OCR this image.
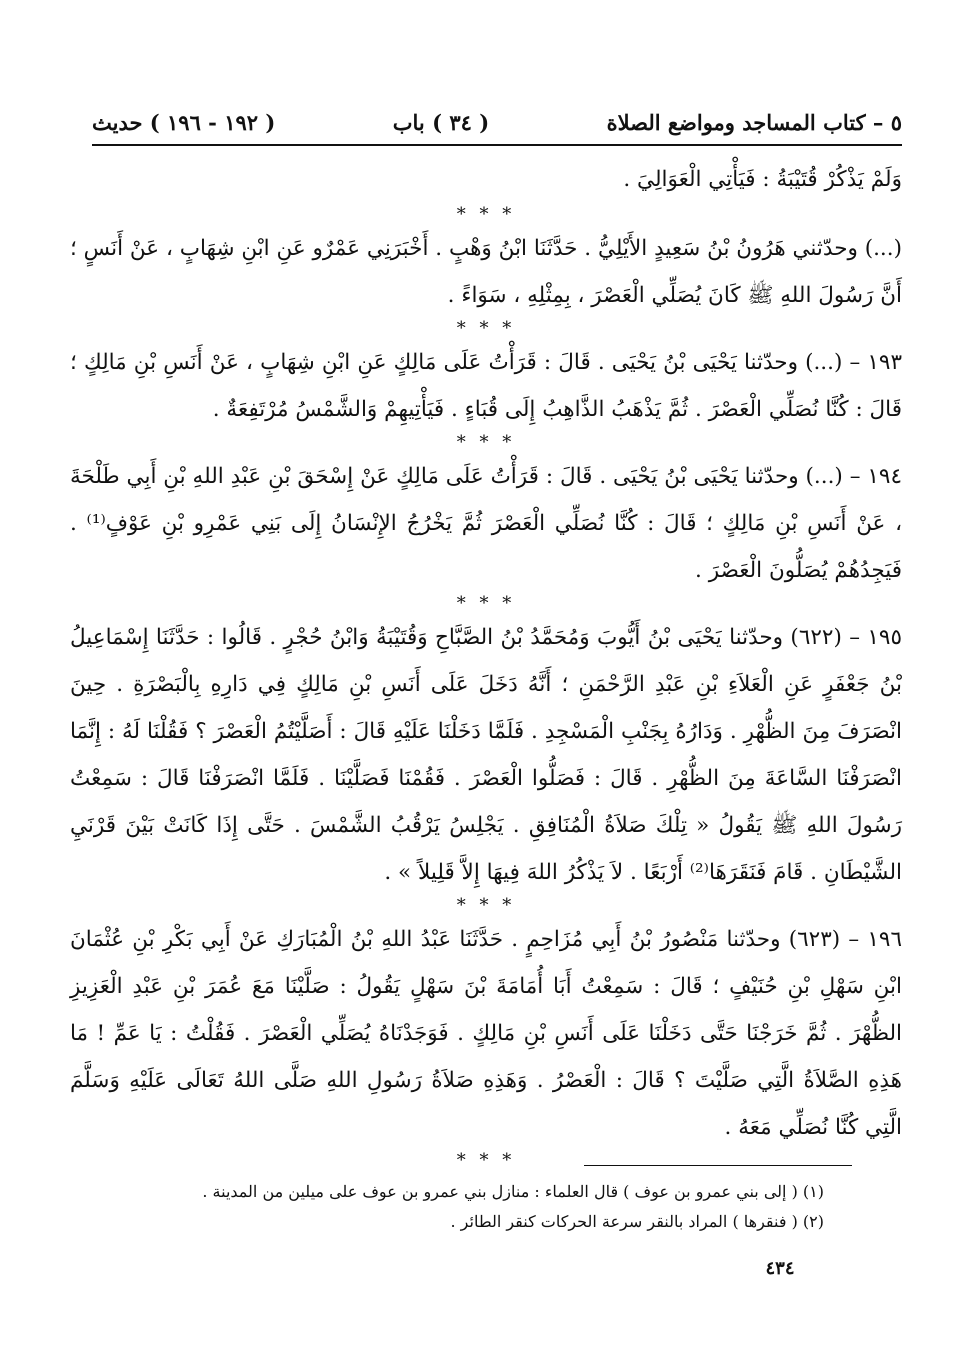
٥ – كتاب المساجد ومواضع الصلاة
( ٣٤ ) باب
( ١٩٢ - ١٩٦ ) حديث

وَلَمْ يَذْكُرْ قُتَيْبَةُ : فَيَأْتِي الْعَوَالِيَ .

* * *

(...) وحدّثني هَرُونُ بْنُ سَعِيدٍ الأَيْلِيُّ . حَدَّثَنَا ابْنُ وَهْبٍ . أَخْبَرَنِي عَمْرٌو عَنِ ابْنِ شِهَابٍ ، عَنْ أَنَسٍ ؛ أَنَّ رَسُولَ اللهِ ﷺ كَانَ يُصَلِّي الْعَصْرَ ، بِمِثْلِهِ ، سَوَاءً .

* * *

١٩٣ – (...) وحدّثنا يَحْيَى بْنُ يَحْيَى . قَالَ : قَرَأْتُ عَلَى مَالِكٍ عَنِ ابْنِ شِهَابٍ ، عَنْ أَنَسِ بْنِ مَالِكٍ ؛ قَالَ : كُنَّا نُصَلِّي الْعَصْرَ . ثُمَّ يَذْهَبُ الذَّاهِبُ إِلَى قُبَاءٍ . فَيَأْتِيهِمْ وَالشَّمْسُ مُرْتَفِعَةٌ .

* * *

١٩٤ – (...) وحدّثنا يَحْيَى بْنُ يَحْيَى . قَالَ : قَرَأْتُ عَلَى مَالِكٍ عَنْ إِسْحَقَ بْنِ عَبْدِ اللهِ بْنِ أَبِي طَلْحَةَ ، عَنْ أَنَسِ بْنِ مَالِكٍ ؛ قَالَ : كُنَّا نُصَلِّي الْعَصْرَ ثُمَّ يَخْرُجُ الإِنْسَانُ إِلَى بَنِي عَمْرِو بْنِ عَوْفٍ⁽¹⁾ . فَيَجِدُهُمْ يُصَلُّونَ الْعَصْرَ .

* * *

١٩٥ – (٦٢٢) وحدّثنا يَحْيَى بْنُ أَيُّوبَ وَمُحَمَّدُ بْنُ الصَّبَّاحِ وَقُتَيْبَةُ وَابْنُ حُجْرٍ . قَالُوا : حَدَّثَنَا إِسْمَاعِيلُ بْنُ جَعْفَرٍ عَنِ الْعَلاَءِ بْنِ عَبْدِ الرَّحْمَنِ ؛ أَنَّهُ دَخَلَ عَلَى أَنَسِ بْنِ مَالِكٍ فِي دَارِهِ بِالْبَصْرَةِ . حِينَ انْصَرَفَ مِنَ الظُّهْرِ . وَدَارُهُ بِجَنْبِ الْمَسْجِدِ . فَلَمَّا دَخَلْنَا عَلَيْهِ قَالَ : أَصَلَّيْتُمُ الْعَصْرَ ؟ فَقُلْنَا لَهُ : إِنَّمَا انْصَرَفْنَا السَّاعَةَ مِنَ الظُّهْرِ . قَالَ : فَصَلُّوا الْعَصْرَ . فَقُمْنَا فَصَلَّيْنَا . فَلَمَّا انْصَرَفْنَا قَالَ : سَمِعْتُ رَسُولَ اللهِ ﷺ يَقُولُ « تِلْكَ صَلاَةُ الْمُنَافِقِ . يَجْلِسُ يَرْقُبُ الشَّمْسَ . حَتَّى إِذَا كَانَتْ بَيْنَ قَرْنَيِ الشَّيْطَانِ . قَامَ فَنَقَرَهَا⁽²⁾ أَرْبَعًا . لاَ يَذْكُرُ اللهَ فِيهَا إِلاَّ قَلِيلاً » .

* * *

١٩٦ – (٦٢٣) وحدّثنا مَنْصُورُ بْنُ أَبِي مُزَاحِمٍ . حَدَّثَنَا عَبْدُ اللهِ بْنُ الْمُبَارَكِ عَنْ أَبِي بَكْرِ بْنِ عُثْمَانَ ابْنِ سَهْلِ بْنِ حُنَيْفٍ ؛ قَالَ : سَمِعْتُ أَبَا أُمَامَةَ بْنَ سَهْلٍ يَقُولُ : صَلَّيْنَا مَعَ عُمَرَ بْنِ عَبْدِ الْعَزِيزِ الظُّهْرَ . ثُمَّ خَرَجْنَا حَتَّى دَخَلْنَا عَلَى أَنَسِ بْنِ مَالِكٍ . فَوَجَدْنَاهُ يُصَلِّي الْعَصْرَ . فَقُلْتُ : يَا عَمِّ ! مَا هَذِهِ الصَّلاَةُ الَّتِي صَلَّيْتَ ؟ قَالَ : الْعَصْرُ . وَهَذِهِ صَلاَةُ رَسُولِ اللهِ صَلَّى اللهُ تَعَالَى عَلَيْهِ وَسَلَّمَ الَّتِي كُنَّا نُصَلِّي مَعَهُ .

* * *

(١) ( إلى بني عمرو بن عوف ) قال العلماء : منازل بني عمرو بن عوف على ميلين من المدينة .
(٢) ( فنقرها ) المراد بالنقر سرعة الحركات كنقر الطائر .
٤٣٤
